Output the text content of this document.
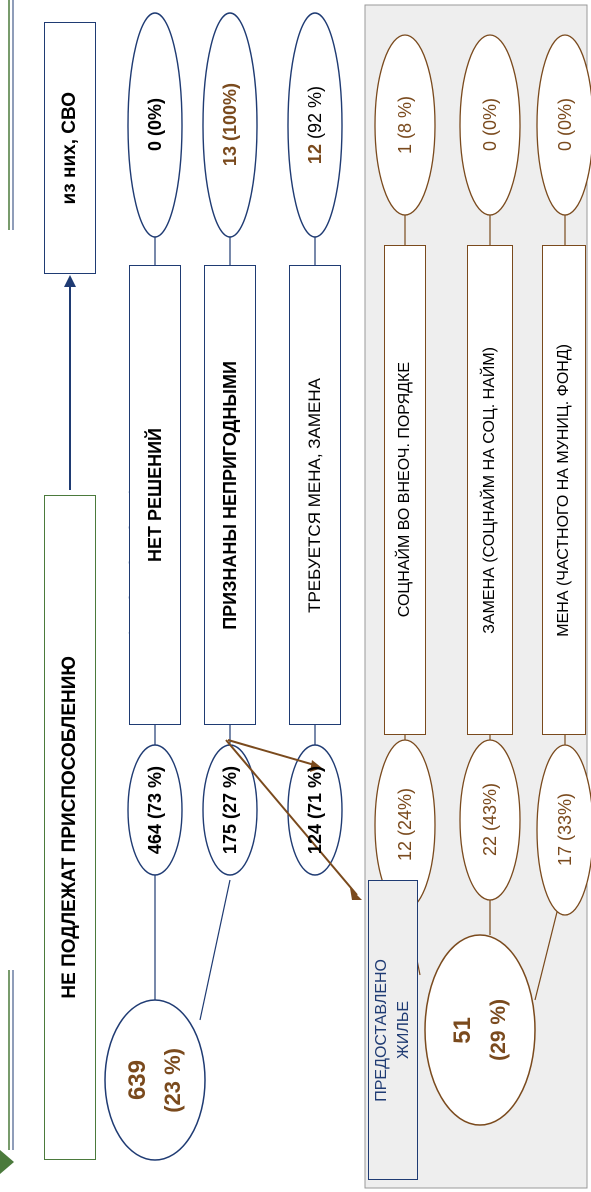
НЕ ПОДЛЕЖАТ ПРИСПОСОБЛЕНИЮ
из них, СВО
639 (23 %)
464 (73 %)	175 (27 %)	124 (71 %)
НЕТ РЕШЕНИЙ	ПРИЗНАНЫ НЕПРИГОДНЫМИ	ТРЕБУЕТСЯ МЕНА, ЗАМЕНА
0 (0%)	13 (100%)	12 (92 %)
ПРЕДОСТАВЛЕНО ЖИЛЬЕ 51 (29 %)
12 (24%)	22 (43%)	17 (33%)
СОЦНАЙМ ВО ВНЕОЧ. ПОРЯДКЕ	ЗАМЕНА (СОЦНАЙМ НА СОЦ. НАЙМ)	МЕНА (ЧАСТНОГО НА МУНИЦ. ФОНД)
1 (8 %)	0 (0%)	0 (0%)
